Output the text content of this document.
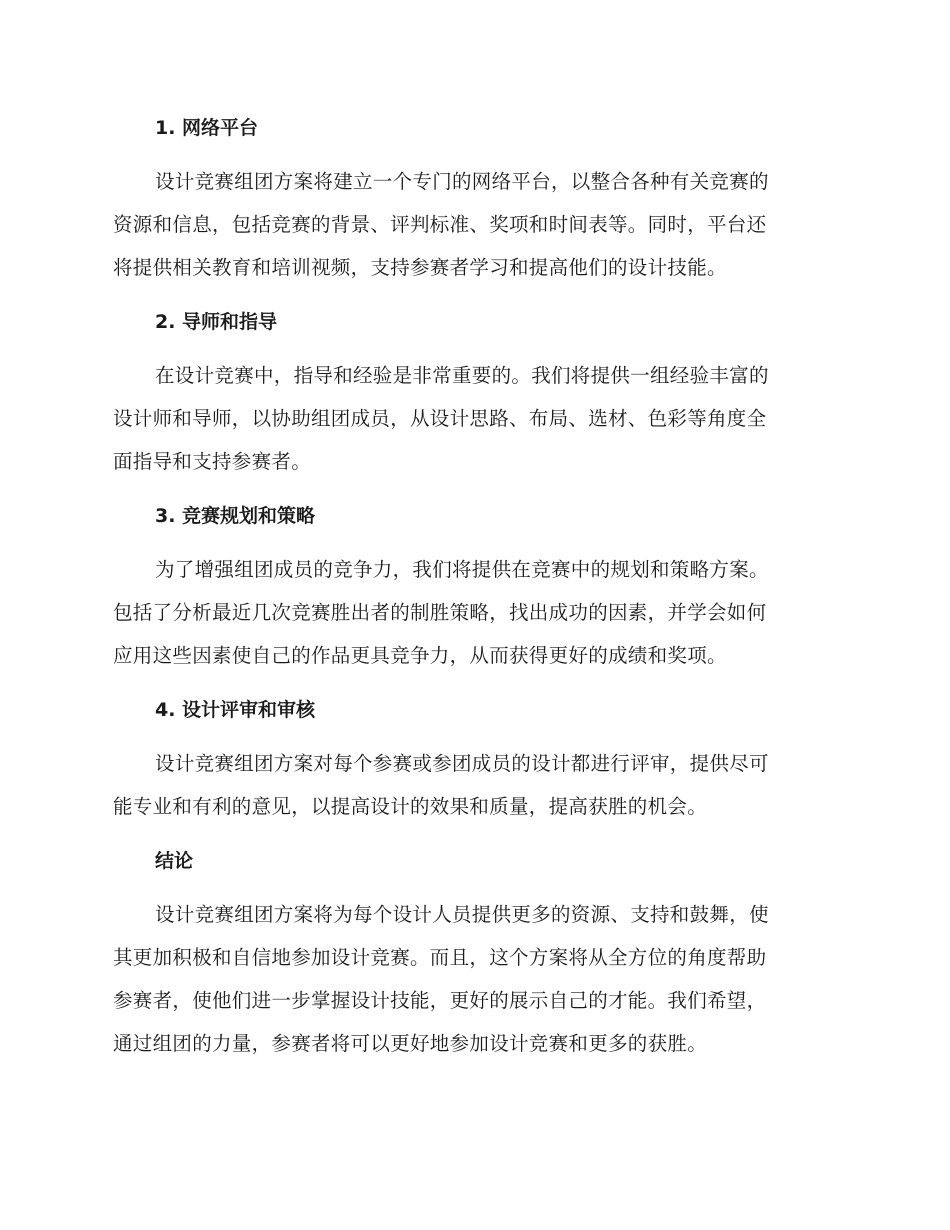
1. 网络平台
设计竞赛组团方案将建立一个专门的网络平台，以整合各种有关竞赛的
资源和信息，包括竞赛的背景、评判标准、奖项和时间表等。同时，平台还
将提供相关教育和培训视频，支持参赛者学习和提高他们的设计技能。
2. 导师和指导
在设计竞赛中，指导和经验是非常重要的。我们将提供一组经验丰富的
设计师和导师，以协助组团成员，从设计思路、布局、选材、色彩等角度全
面指导和支持参赛者。
3. 竞赛规划和策略
为了增强组团成员的竞争力，我们将提供在竞赛中的规划和策略方案。
包括了分析最近几次竞赛胜出者的制胜策略，找出成功的因素，并学会如何
应用这些因素使自己的作品更具竞争力，从而获得更好的成绩和奖项。
4. 设计评审和审核
设计竞赛组团方案对每个参赛或参团成员的设计都进行评审，提供尽可
能专业和有利的意见，以提高设计的效果和质量，提高获胜的机会。
结论
设计竞赛组团方案将为每个设计人员提供更多的资源、支持和鼓舞，使
其更加积极和自信地参加设计竞赛。而且，这个方案将从全方位的角度帮助
参赛者，使他们进一步掌握设计技能，更好的展示自己的才能。我们希望，
通过组团的力量，参赛者将可以更好地参加设计竞赛和更多的获胜。
